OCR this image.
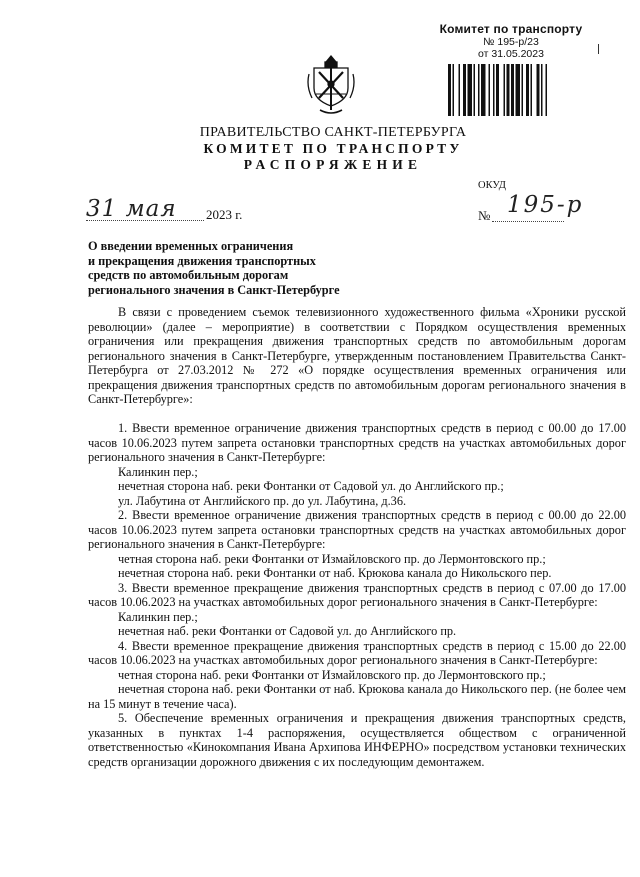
Комитет по транспорту
№ 195-р/23
от 31.05.2023
ПРАВИТЕЛЬСТВО САНКТ-ПЕТЕРБУРГА
КОМИТЕТ ПО ТРАНСПОРТУ
РАСПОРЯЖЕНИЕ
ОКУД
31 мая 2023 г.	№ 195-р
О введении временных ограничения
и прекращения движения транспортных
средств по автомобильным дорогам
регионального значения в Санкт-Петербурге
В связи с проведением съемок телевизионного художественного фильма «Хроники русской революции» (далее – мероприятие) в соответствии с Порядком осуществления временных ограничения или прекращения движения транспортных средств по автомобильным дорогам регионального значения в Санкт-Петербурге, утвержденным постановлением Правительства Санкт-Петербурга от 27.03.2012 № 272 «О порядке осуществления временных ограничения или прекращения движения транспортных средств по автомобильным дорогам регионального значения в Санкт-Петербурге»:
1. Ввести временное ограничение движения транспортных средств в период с 00.00 до 17.00 часов 10.06.2023 путем запрета остановки транспортных средств на участках автомобильных дорог регионального значения в Санкт-Петербурге:
Калинкин пер.;
нечетная сторона наб. реки Фонтанки от Садовой ул. до Английского пр.;
ул. Лабутина от Английского пр. до ул. Лабутина, д.36.
2. Ввести временное ограничение движения транспортных средств в период с 00.00 до 22.00 часов 10.06.2023 путем запрета остановки транспортных средств на участках автомобильных дорог регионального значения в Санкт-Петербурге:
четная сторона наб. реки Фонтанки от Измайловского пр. до Лермонтовского пр.;
нечетная сторона наб. реки Фонтанки от наб. Крюкова канала до Никольского пер.
3. Ввести временное прекращение движения транспортных средств в период с 07.00 до 17.00 часов 10.06.2023 на участках автомобильных дорог регионального значения в Санкт-Петербурге:
Калинкин пер.;
нечетная наб. реки Фонтанки от Садовой ул. до Английского пр.
4. Ввести временное прекращение движения транспортных средств в период с 15.00 до 22.00 часов 10.06.2023 на участках автомобильных дорог регионального значения в Санкт-Петербурге:
четная сторона наб. реки Фонтанки от Измайловского пр. до Лермонтовского пр.;
нечетная сторона наб. реки Фонтанки от наб. Крюкова канала до Никольского пер. (не более чем на 15 минут в течение часа).
5. Обеспечение временных ограничения и прекращения движения транспортных средств, указанных в пунктах 1-4 распоряжения, осуществляется обществом с ограниченной ответственностью «Кинокомпания Ивана Архипова ИНФЕРНО» посредством установки технических средств организации дорожного движения с их последующим демонтажем.
